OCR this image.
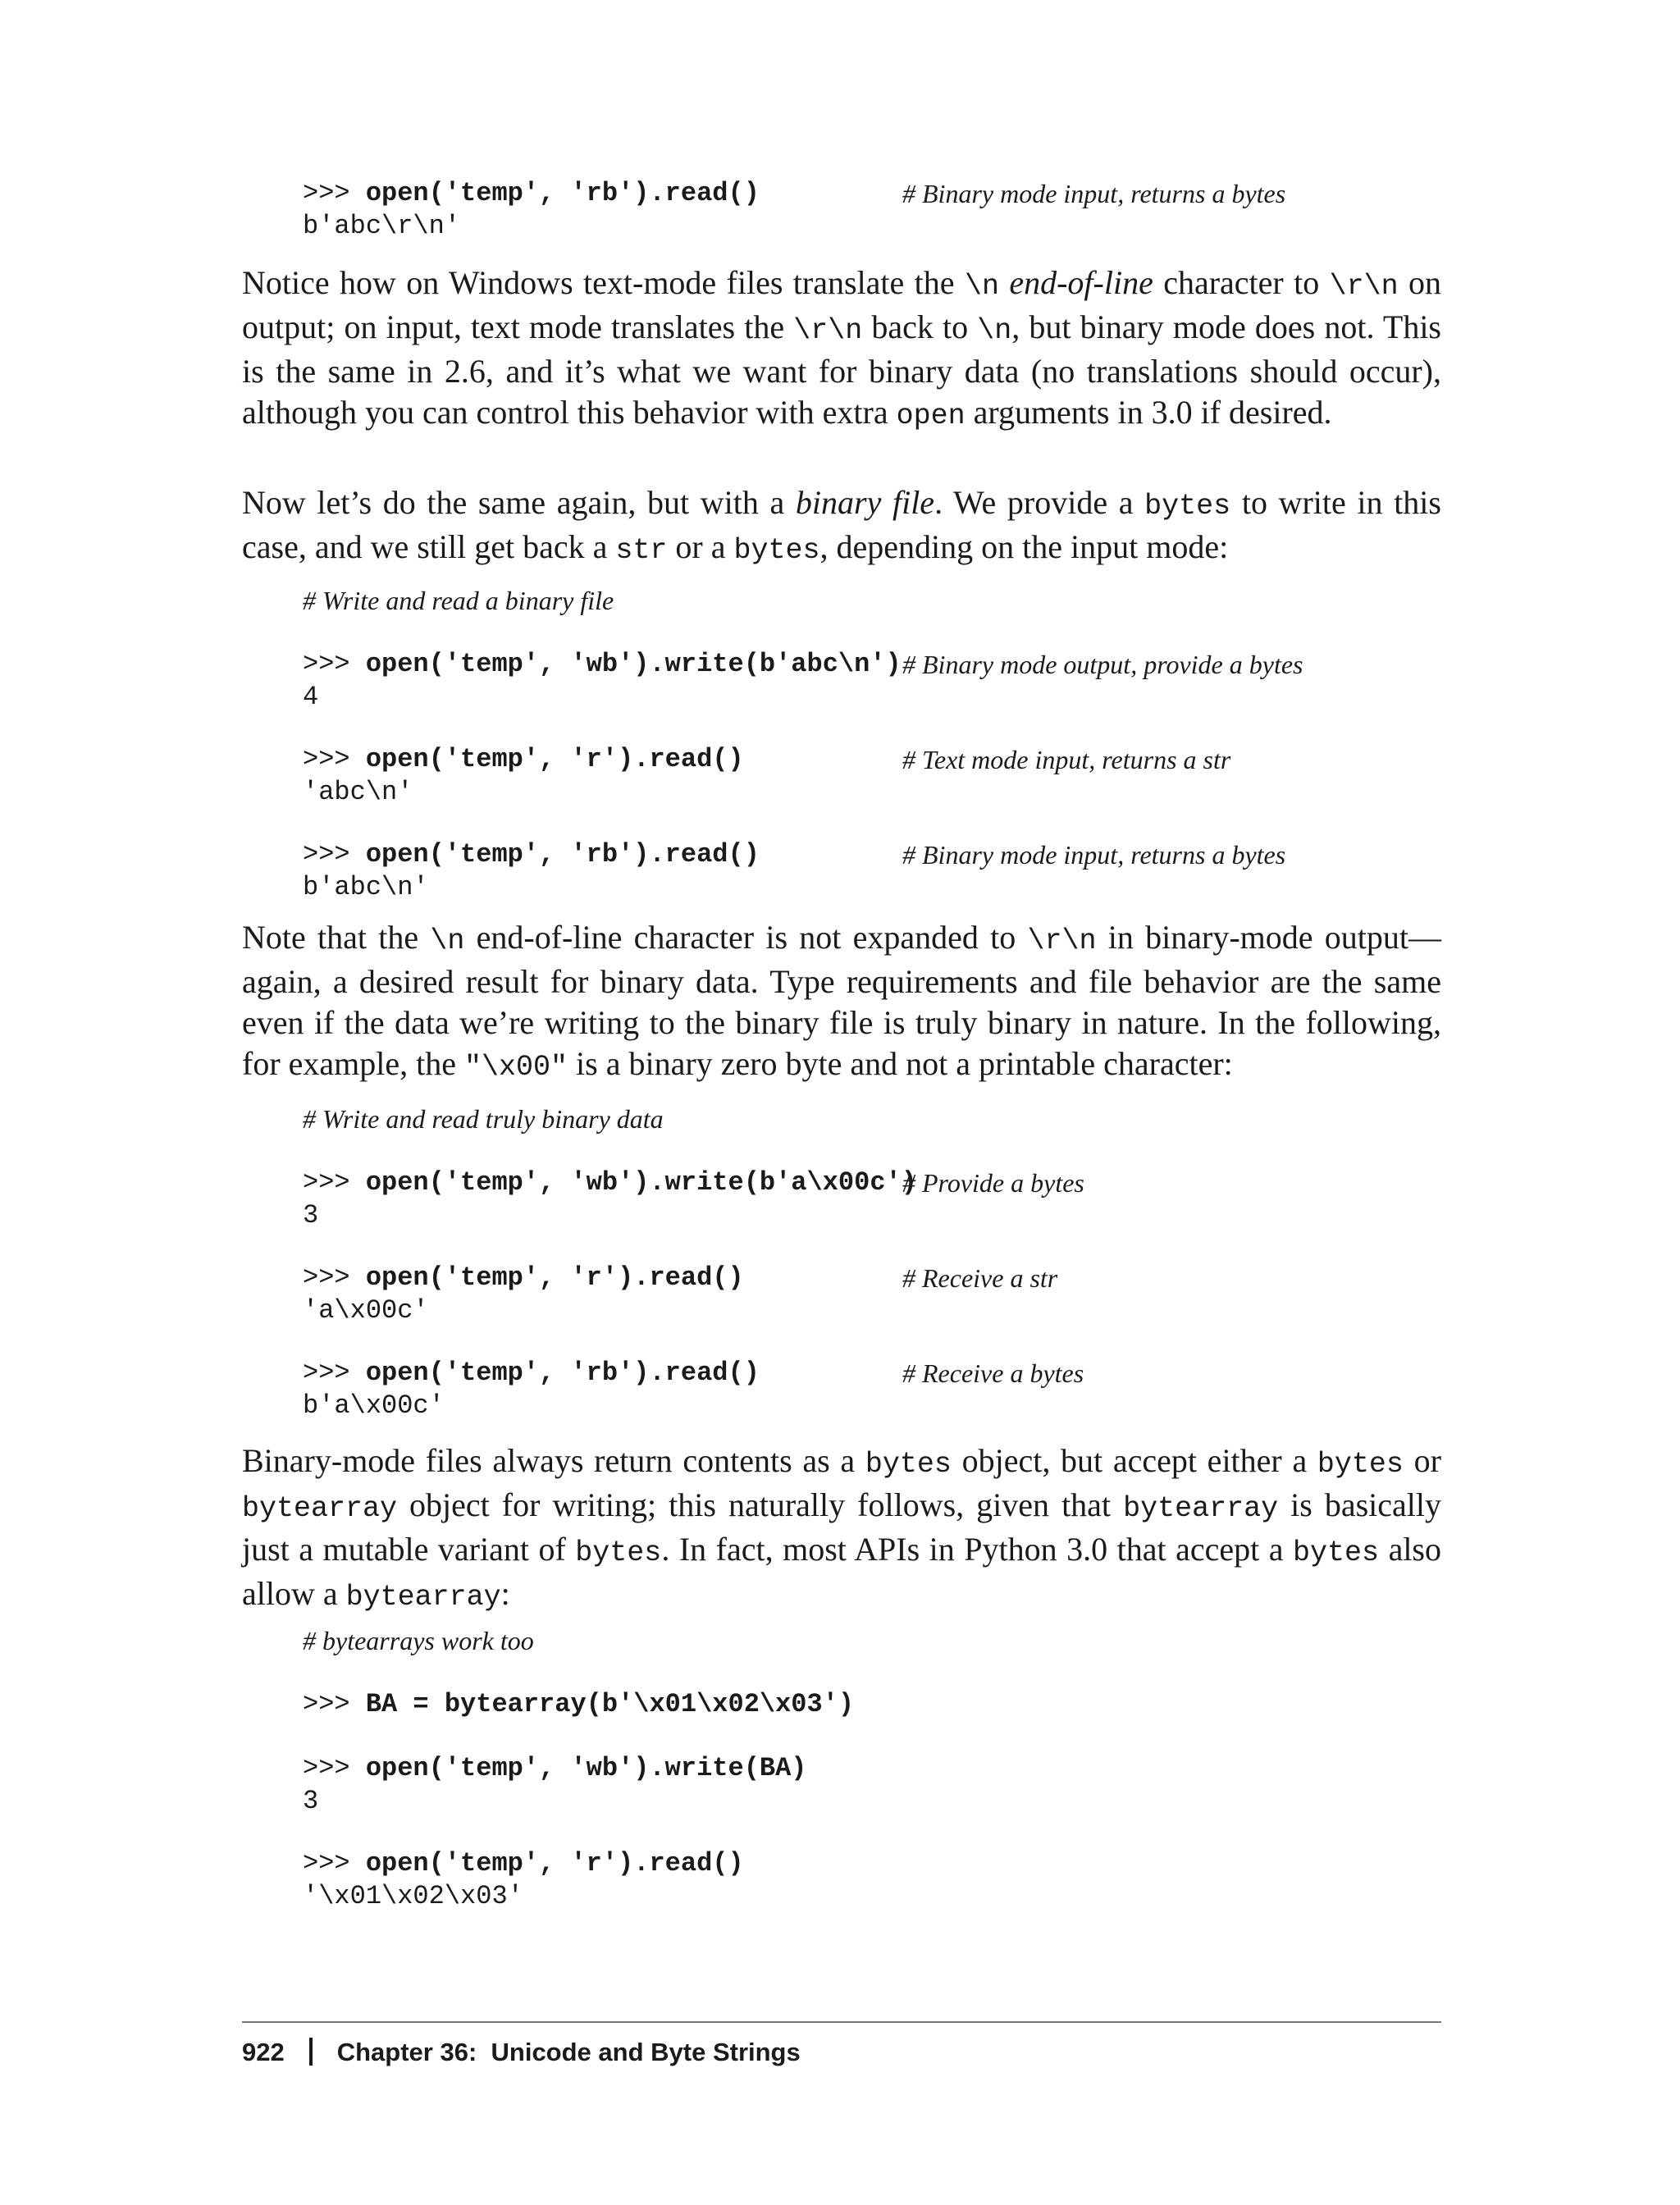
>>> open('temp', 'rb').read()	# Binary mode input, returns a bytes
b'abc\r\n'

Notice how on Windows text-mode files translate the \n end-of-line character to \r\n on output; on input, text mode translates the \r\n back to \n, but binary mode does not. This is the same in 2.6, and it’s what we want for binary data (no translations should occur), although you can control this behavior with extra open arguments in 3.0 if desired.

Now let’s do the same again, but with a binary file. We provide a bytes to write in this case, and we still get back a str or a bytes, depending on the input mode:

# Write and read a binary file
>>> open('temp', 'wb').write(b'abc\n') # Binary mode output, provide a bytes
4
>>> open('temp', 'r').read()	# Text mode input, returns a str
'abc\n'
>>> open('temp', 'rb').read()	# Binary mode input, returns a bytes
b'abc\n'

Note that the \n end-of-line character is not expanded to \r\n in binary-mode output—again, a desired result for binary data. Type requirements and file behavior are the same even if the data we’re writing to the binary file is truly binary in nature. In the following, for example, the "\x00" is a binary zero byte and not a printable character:

# Write and read truly binary data
>>> open('temp', 'wb').write(b'a\x00c')
# Provide a bytes
3
>>> open('temp', 'r').read()	# Receive a str
'a\x00c'
>>> open('temp', 'rb').read()	# Receive a bytes
b'a\x00c'

Binary-mode files always return contents as a bytes object, but accept either a bytes or bytearray object for writing; this naturally follows, given that bytearray is basically just a mutable variant of bytes. In fact, most APIs in Python 3.0 that accept a bytes also allow a bytearray:

# bytearrays work too
>>> BA = bytearray(b'\x01\x02\x03')
>>> open('temp', 'wb').write(BA)
3
>>> open('temp', 'r').read()
'\x01\x02\x03'
922 Chapter 36:  Unicode and Byte Strings
